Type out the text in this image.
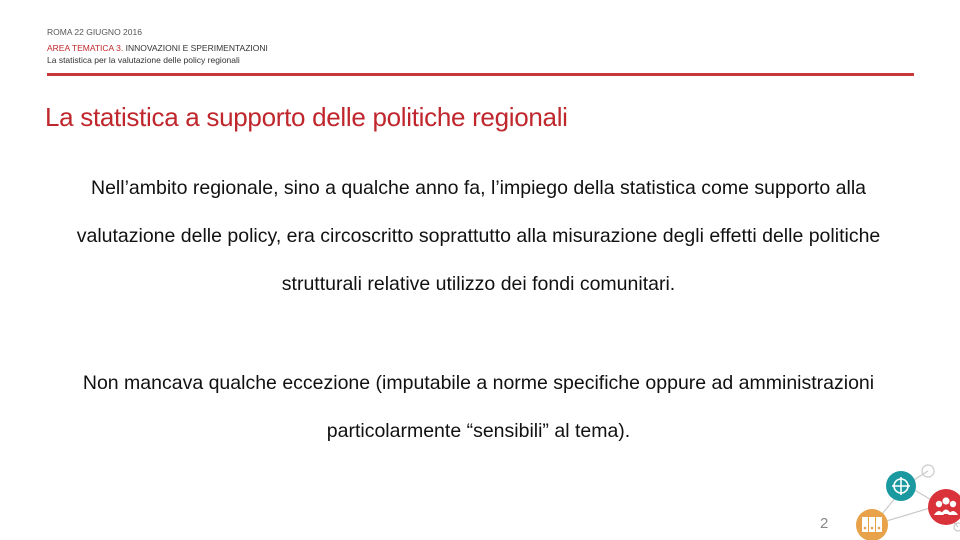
ROMA 22 GIUGNO 2016
AREA TEMATICA 3. INNOVAZIONI E SPERIMENTAZIONI
La statistica per la valutazione delle policy regionali
La statistica a supporto delle politiche regionali
Nell’ambito regionale, sino a qualche anno fa, l’impiego della statistica come supporto alla valutazione delle policy, era circoscritto soprattutto alla misurazione degli effetti delle politiche strutturali relative utilizzo dei fondi comunitari.
Non mancava qualche eccezione (imputabile a norme specifiche oppure ad amministrazioni particolarmente “sensibili” al tema).
2
